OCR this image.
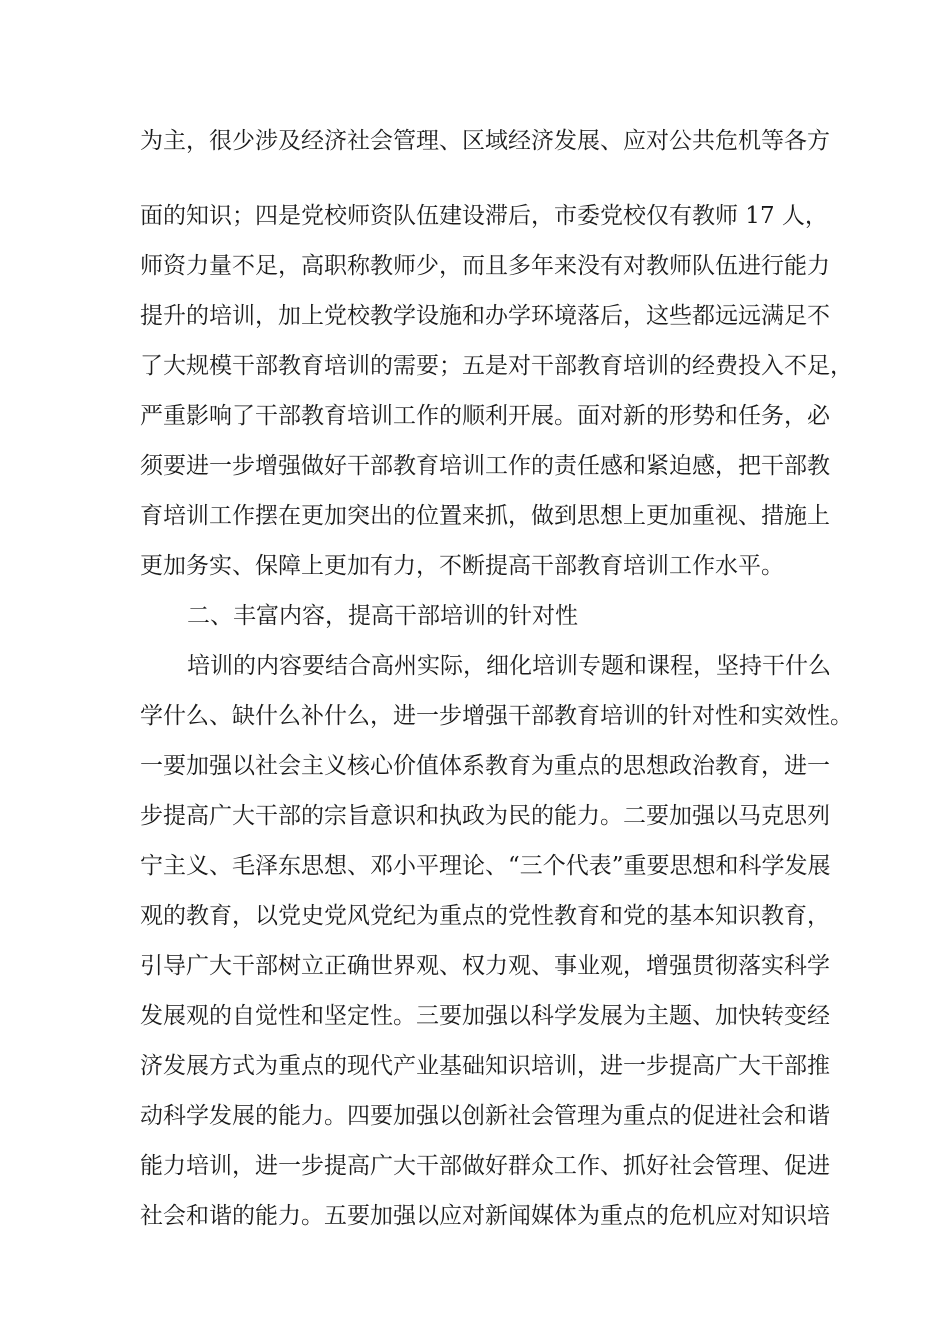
为主，很少涉及经济社会管理、区域经济发展、应对公共危机等各方

面的知识；四是党校师资队伍建设滞后，市委党校仅有教师 17 人，

师资力量不足，高职称教师少，而且多年来没有对教师队伍进行能力

提升的培训，加上党校教学设施和办学环境落后，这些都远远满足不

了大规模干部教育培训的需要；五是对干部教育培训的经费投入不足，

严重影响了干部教育培训工作的顺利开展。面对新的形势和任务，必

须要进一步增强做好干部教育培训工作的责任感和紧迫感，把干部教

育培训工作摆在更加突出的位置来抓，做到思想上更加重视、措施上

更加务实、保障上更加有力，不断提高干部教育培训工作水平。

二、丰富内容，提高干部培训的针对性

培训的内容要结合高州实际，细化培训专题和课程，坚持干什么

学什么、缺什么补什么，进一步增强干部教育培训的针对性和实效性。

一要加强以社会主义核心价值体系教育为重点的思想政治教育，进一

步提高广大干部的宗旨意识和执政为民的能力。二要加强以马克思列

宁主义、毛泽东思想、邓小平理论、“三个代表”重要思想和科学发展

观的教育，以党史党风党纪为重点的党性教育和党的基本知识教育，

引导广大干部树立正确世界观、权力观、事业观，增强贯彻落实科学

发展观的自觉性和坚定性。三要加强以科学发展为主题、加快转变经

济发展方式为重点的现代产业基础知识培训，进一步提高广大干部推

动科学发展的能力。四要加强以创新社会管理为重点的促进社会和谐

能力培训，进一步提高广大干部做好群众工作、抓好社会管理、促进

社会和谐的能力。五要加强以应对新闻媒体为重点的危机应对知识培
